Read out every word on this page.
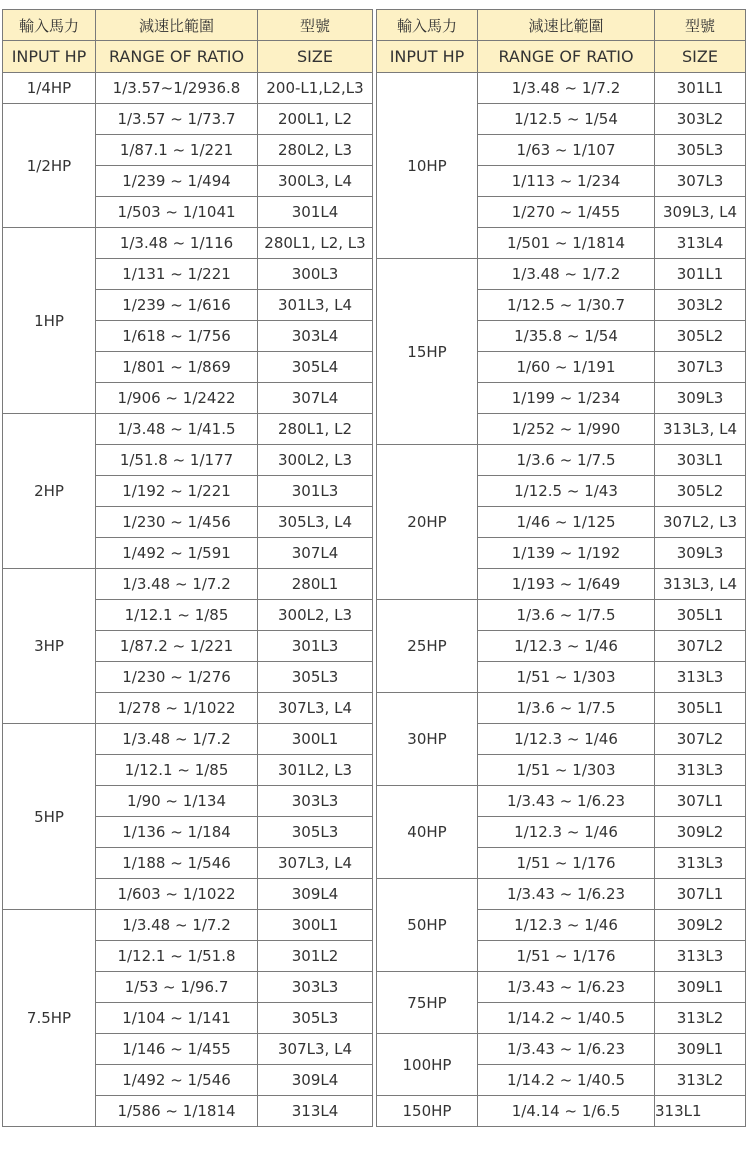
輸入馬力	減速比範圍	型號
INPUT HP	RANGE OF RATIO	SIZE
1/4HP	1/3.57~1/2936.8	200-L1,L2,L3
1/2HP	1/3.57 ~ 1/73.7	200L1, L2
	1/87.1 ~ 1/221	280L2, L3
	1/239 ~ 1/494	300L3, L4
	1/503 ~ 1/1041	301L4
1HP	1/3.48 ~ 1/116	280L1, L2, L3
	1/131 ~ 1/221	300L3
	1/239 ~ 1/616	301L3, L4
	1/618 ~ 1/756	303L4
	1/801 ~ 1/869	305L4
	1/906 ~ 1/2422	307L4
2HP	1/3.48 ~ 1/41.5	280L1, L2
	1/51.8 ~ 1/177	300L2, L3
	1/192 ~ 1/221	301L3
	1/230 ~ 1/456	305L3, L4
	1/492 ~ 1/591	307L4
3HP	1/3.48 ~ 1/7.2	280L1
	1/12.1 ~ 1/85	300L2, L3
	1/87.2 ~ 1/221	301L3
	1/230 ~ 1/276	305L3
	1/278 ~ 1/1022	307L3, L4
5HP	1/3.48 ~ 1/7.2	300L1
	1/12.1 ~ 1/85	301L2, L3
	1/90 ~ 1/134	303L3
	1/136 ~ 1/184	305L3
	1/188 ~ 1/546	307L3, L4
	1/603 ~ 1/1022	309L4
7.5HP	1/3.48 ~ 1/7.2	300L1
	1/12.1 ~ 1/51.8	301L2
	1/53 ~ 1/96.7	303L3
	1/104 ~ 1/141	305L3
	1/146 ~ 1/455	307L3, L4
	1/492 ~ 1/546	309L4
	1/586 ~ 1/1814	313L4
輸入馬力	減速比範圍	型號
INPUT HP	RANGE OF RATIO	SIZE
10HP	1/3.48 ~ 1/7.2	301L1
	1/12.5 ~ 1/54	303L2
	1/63 ~ 1/107	305L3
	1/113 ~ 1/234	307L3
	1/270 ~ 1/455	309L3, L4
	1/501 ~ 1/1814	313L4
15HP	1/3.48 ~ 1/7.2	301L1
	1/12.5 ~ 1/30.7	303L2
	1/35.8 ~ 1/54	305L2
	1/60 ~ 1/191	307L3
	1/199 ~ 1/234	309L3
	1/252 ~ 1/990	313L3, L4
20HP	1/3.6 ~ 1/7.5	303L1
	1/12.5 ~ 1/43	305L2
	1/46 ~ 1/125	307L2, L3
	1/139 ~ 1/192	309L3
	1/193 ~ 1/649	313L3, L4
25HP	1/3.6 ~ 1/7.5	305L1
	1/12.3 ~ 1/46	307L2
	1/51 ~ 1/303	313L3
30HP	1/3.6 ~ 1/7.5	305L1
	1/12.3 ~ 1/46	307L2
	1/51 ~ 1/303	313L3
40HP	1/3.43 ~ 1/6.23	307L1
	1/12.3 ~ 1/46	309L2
	1/51 ~ 1/176	313L3
50HP	1/3.43 ~ 1/6.23	307L1
	1/12.3 ~ 1/46	309L2
	1/51 ~ 1/176	313L3
75HP	1/3.43 ~ 1/6.23	309L1
	1/14.2 ~ 1/40.5	313L2
100HP	1/3.43 ~ 1/6.23	309L1
	1/14.2 ~ 1/40.5	313L2
150HP	1/4.14 ~ 1/6.5	313L1
